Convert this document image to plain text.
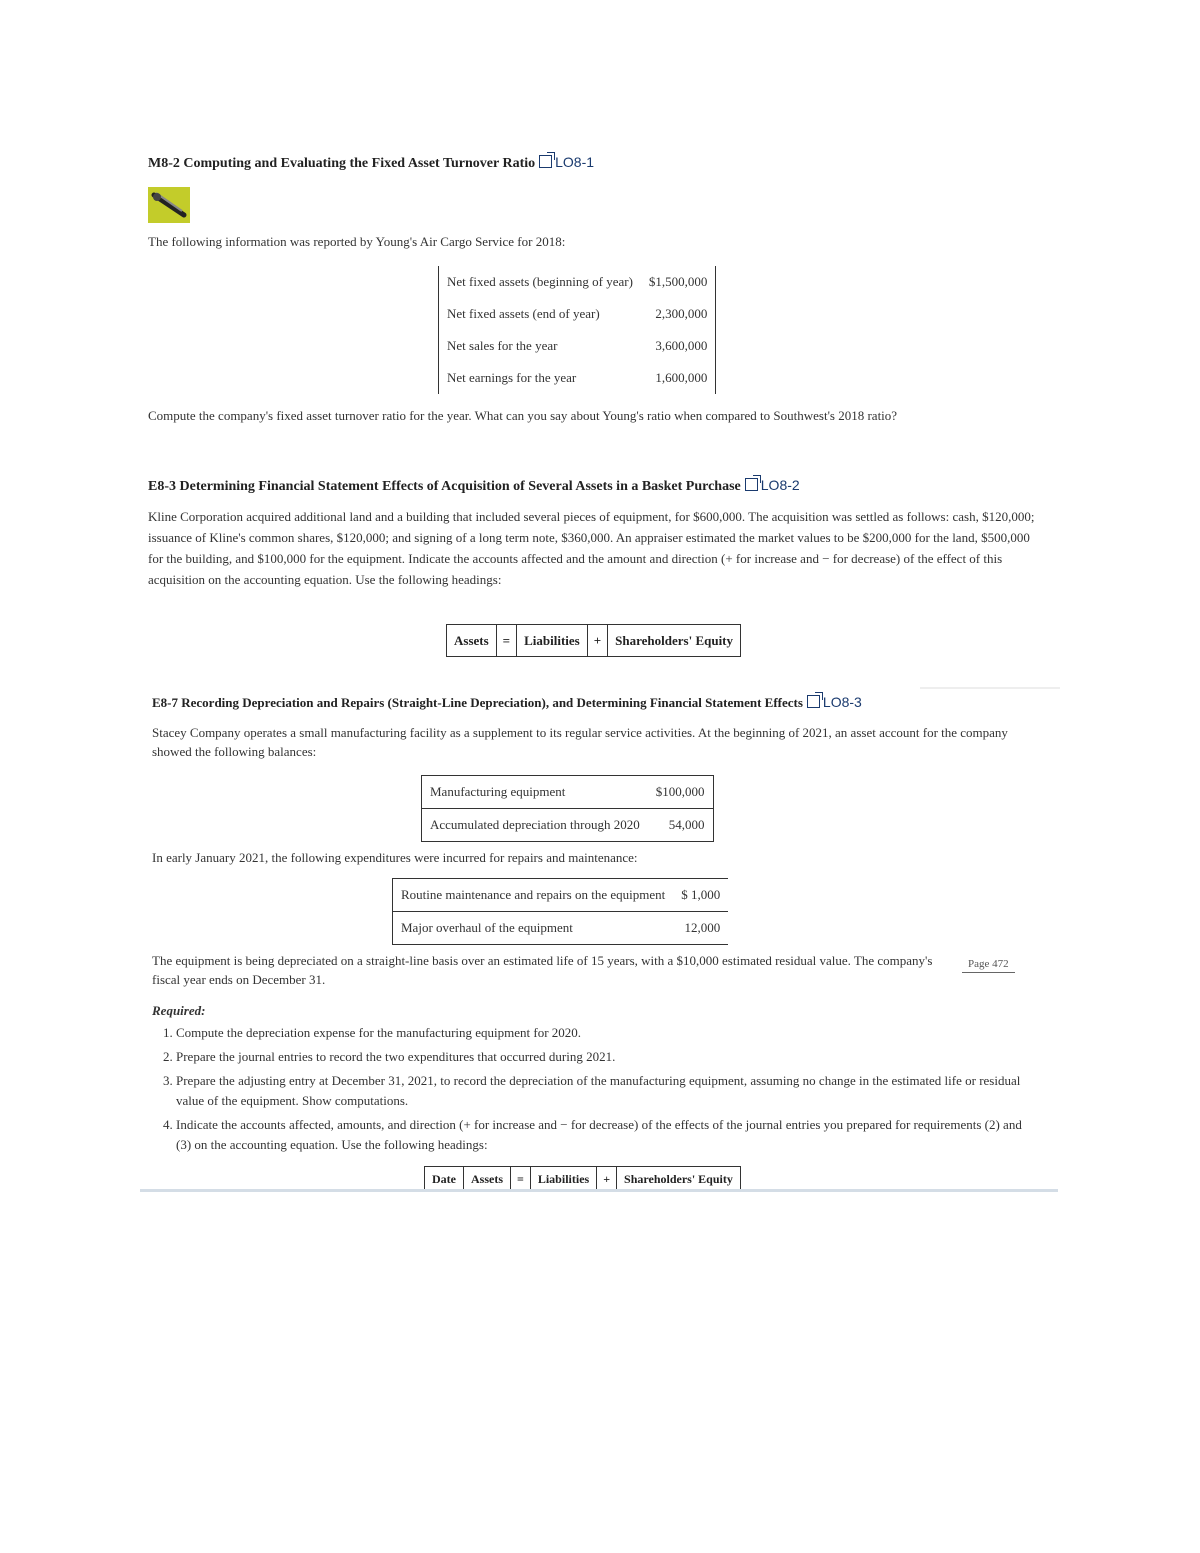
M8-2 Computing and Evaluating the Fixed Asset Turnover Ratio LO8-1
The following information was reported by Young's Air Cargo Service for 2018:
Net fixed assets (beginning of year)	$1,500,000
Net fixed assets (end of year)	2,300,000
Net sales for the year	3,600,000
Net earnings for the year	1,600,000
Compute the company's fixed asset turnover ratio for the year. What can you say about Young's ratio when compared to Southwest's 2018 ratio?
E8-3 Determining Financial Statement Effects of Acquisition of Several Assets in a Basket Purchase LO8-2
Kline Corporation acquired additional land and a building that included several pieces of equipment, for $600,000. The acquisition was settled as follows: cash, $120,000; issuance of Kline's common shares, $120,000; and signing of a long term note, $360,000. An appraiser estimated the market values to be $200,000 for the land, $500,000 for the building, and $100,000 for the equipment. Indicate the accounts affected and the amount and direction (+ for increase and − for decrease) of the effect of this acquisition on the accounting equation. Use the following headings:
Assets	=	Liabilities	+	Shareholders' Equity
E8-7 Recording Depreciation and Repairs (Straight-Line Depreciation), and Determining Financial Statement Effects LO8-3
Stacey Company operates a small manufacturing facility as a supplement to its regular service activities. At the beginning of 2021, an asset account for the company showed the following balances:
Manufacturing equipment	$100,000
Accumulated depreciation through 2020	54,000
In early January 2021, the following expenditures were incurred for repairs and maintenance:
Routine maintenance and repairs on the equipment	$ 1,000
Major overhaul of the equipment	12,000
The equipment is being depreciated on a straight-line basis over an estimated life of 15 years, with a $10,000 estimated residual value. The company's fiscal year ends on December 31.
Page 472
Required:
1. Compute the depreciation expense for the manufacturing equipment for 2020.
2. Prepare the journal entries to record the two expenditures that occurred during 2021.
3. Prepare the adjusting entry at December 31, 2021, to record the depreciation of the manufacturing equipment, assuming no change in the estimated life or residual value of the equipment. Show computations.
4. Indicate the accounts affected, amounts, and direction (+ for increase and − for decrease) of the effects of the journal entries you prepared for requirements (2) and (3) on the accounting equation. Use the following headings:
Date	Assets	=	Liabilities	+	Shareholders' Equity
